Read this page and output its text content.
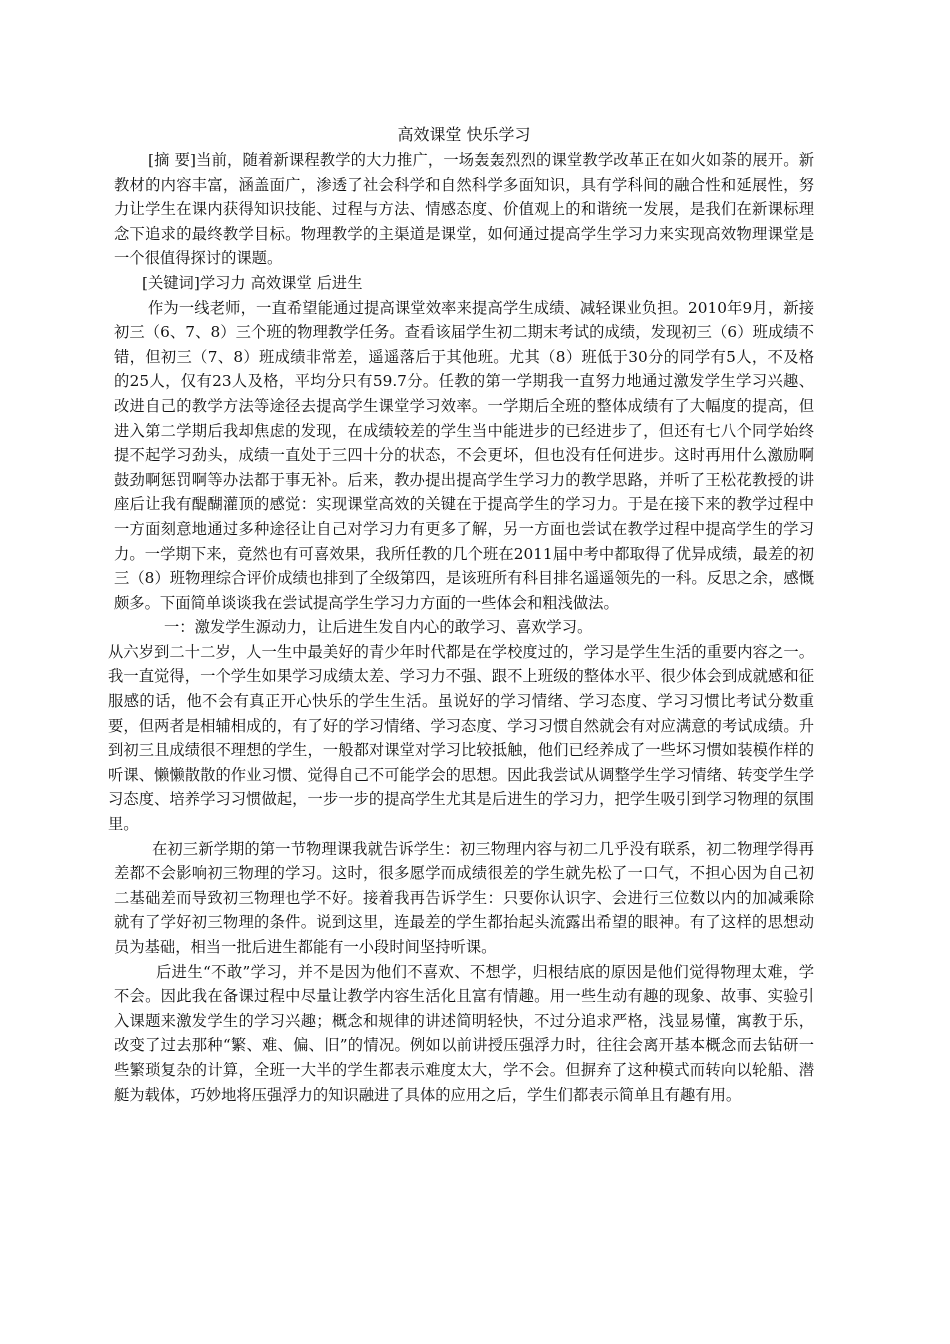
高效课堂 快乐学习

[摘 要]当前，随着新课程教学的大力推广，一场轰轰烈烈的课堂教学改革正在如火如荼的展开。新教材的内容丰富，涵盖面广，渗透了社会科学和自然科学多面知识，具有学科间的融合性和延展性，努力让学生在课内获得知识技能、过程与方法、情感态度、价值观上的和谐统一发展，是我们在新课标理念下追求的最终教学目标。物理教学的主渠道是课堂，如何通过提高学生学习力来实现高效物理课堂是一个很值得探讨的课题。

[关键词]学习力 高效课堂 后进生

作为一线老师，一直希望能通过提高课堂效率来提高学生成绩、减轻课业负担。2010年9月，新接初三（6、7、8）三个班的物理教学任务。查看该届学生初二期末考试的成绩，发现初三（6）班成绩不错，但初三（7、8）班成绩非常差，遥遥落后于其他班。尤其（8）班低于30分的同学有5人，不及格的25人，仅有23人及格，平均分只有59.7分。任教的第一学期我一直努力地通过激发学生学习兴趣、改进自己的教学方法等途径去提高学生课堂学习效率。一学期后全班的整体成绩有了大幅度的提高，但进入第二学期后我却焦虑的发现，在成绩较差的学生当中能进步的已经进步了，但还有七八个同学始终提不起学习劲头，成绩一直处于三四十分的状态，不会更坏，但也没有任何进步。这时再用什么激励啊鼓劲啊惩罚啊等办法都于事无补。后来，教办提出提高学生学习力的教学思路，并听了王松花教授的讲座后让我有醍醐灌顶的感觉：实现课堂高效的关键在于提高学生的学习力。于是在接下来的教学过程中一方面刻意地通过多种途径让自己对学习力有更多了解，另一方面也尝试在教学过程中提高学生的学习力。一学期下来，竟然也有可喜效果，我所任教的几个班在2011届中考中都取得了优异成绩，最差的初三（8）班物理综合评价成绩也排到了全级第四，是该班所有科目排名遥遥领先的一科。反思之余，感慨颇多。下面简单谈谈我在尝试提高学生学习力方面的一些体会和粗浅做法。

一：激发学生源动力，让后进生发自内心的敢学习、喜欢学习。

从六岁到二十二岁，人一生中最美好的青少年时代都是在学校度过的，学习是学生生活的重要内容之一。我一直觉得，一个学生如果学习成绩太差、学习力不强、跟不上班级的整体水平、很少体会到成就感和征服感的话，他不会有真正开心快乐的学生生活。虽说好的学习情绪、学习态度、学习习惯比考试分数重要，但两者是相辅相成的，有了好的学习情绪、学习态度、学习习惯自然就会有对应满意的考试成绩。升到初三且成绩很不理想的学生，一般都对课堂对学习比较抵触，他们已经养成了一些坏习惯如装模作样的听课、懒懒散散的作业习惯、觉得自己不可能学会的思想。因此我尝试从调整学生学习情绪、转变学生学习态度、培养学习习惯做起，一步一步的提高学生尤其是后进生的学习力，把学生吸引到学习物理的氛围里。

在初三新学期的第一节物理课我就告诉学生：初三物理内容与初二几乎没有联系，初二物理学得再差都不会影响初三物理的学习。这时，很多愿学而成绩很差的学生就先松了一口气，不担心因为自己初二基础差而导致初三物理也学不好。接着我再告诉学生：只要你认识字、会进行三位数以内的加减乘除就有了学好初三物理的条件。说到这里，连最差的学生都抬起头流露出希望的眼神。有了这样的思想动员为基础，相当一批后进生都能有一小段时间坚持听课。

后进生“不敢”学习，并不是因为他们不喜欢、不想学，归根结底的原因是他们觉得物理太难，学不会。因此我在备课过程中尽量让教学内容生活化且富有情趣。用一些生动有趣的现象、故事、实验引入课题来激发学生的学习兴趣；概念和规律的讲述简明轻快，不过分追求严格，浅显易懂，寓教于乐，改变了过去那种“繁、难、偏、旧”的情况。例如以前讲授压强浮力时，往往会离开基本概念而去钻研一些繁琐复杂的计算，全班一大半的学生都表示难度太大，学不会。但摒弃了这种模式而转向以轮船、潜艇为载体，巧妙地将压强浮力的知识融进了具体的应用之后，学生们都表示简单且有趣有用。
